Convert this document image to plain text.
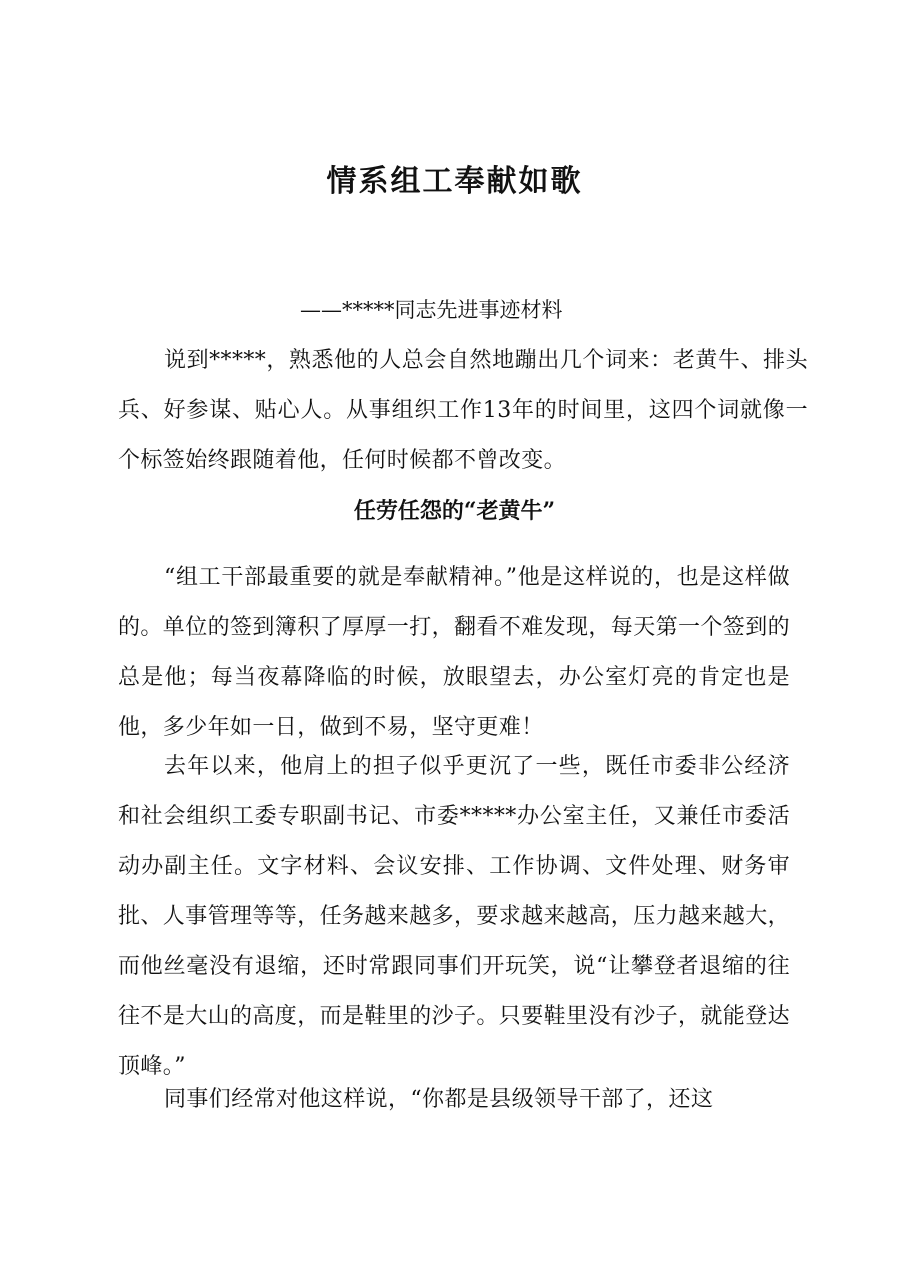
情系组工奉献如歌

——*****同志先进事迹材料

说到*****，熟悉他的人总会自然地蹦出几个词来：老黄牛、排头兵、好参谋、贴心人。从事组织工作13年的时间里，这四个词就像一个标签始终跟随着他，任何时候都不曾改变。

任劳任怨的“老黄牛”

“组工干部最重要的就是奉献精神。”他是这样说的，也是这样做的。单位的签到簿积了厚厚一打，翻看不难发现，每天第一个签到的总是他；每当夜幕降临的时候，放眼望去，办公室灯亮的肯定也是他，多少年如一日，做到不易，坚守更难！

去年以来，他肩上的担子似乎更沉了一些，既任市委非公经济和社会组织工委专职副书记、市委*****办公室主任，又兼任市委活动办副主任。文字材料、会议安排、工作协调、文件处理、财务审批、人事管理等等，任务越来越多，要求越来越高，压力越来越大，而他丝毫没有退缩，还时常跟同事们开玩笑，说“让攀登者退缩的往往不是大山的高度，而是鞋里的沙子。只要鞋里没有沙子，就能登达顶峰。”

同事们经常对他这样说，“你都是县级领导干部了，还这
